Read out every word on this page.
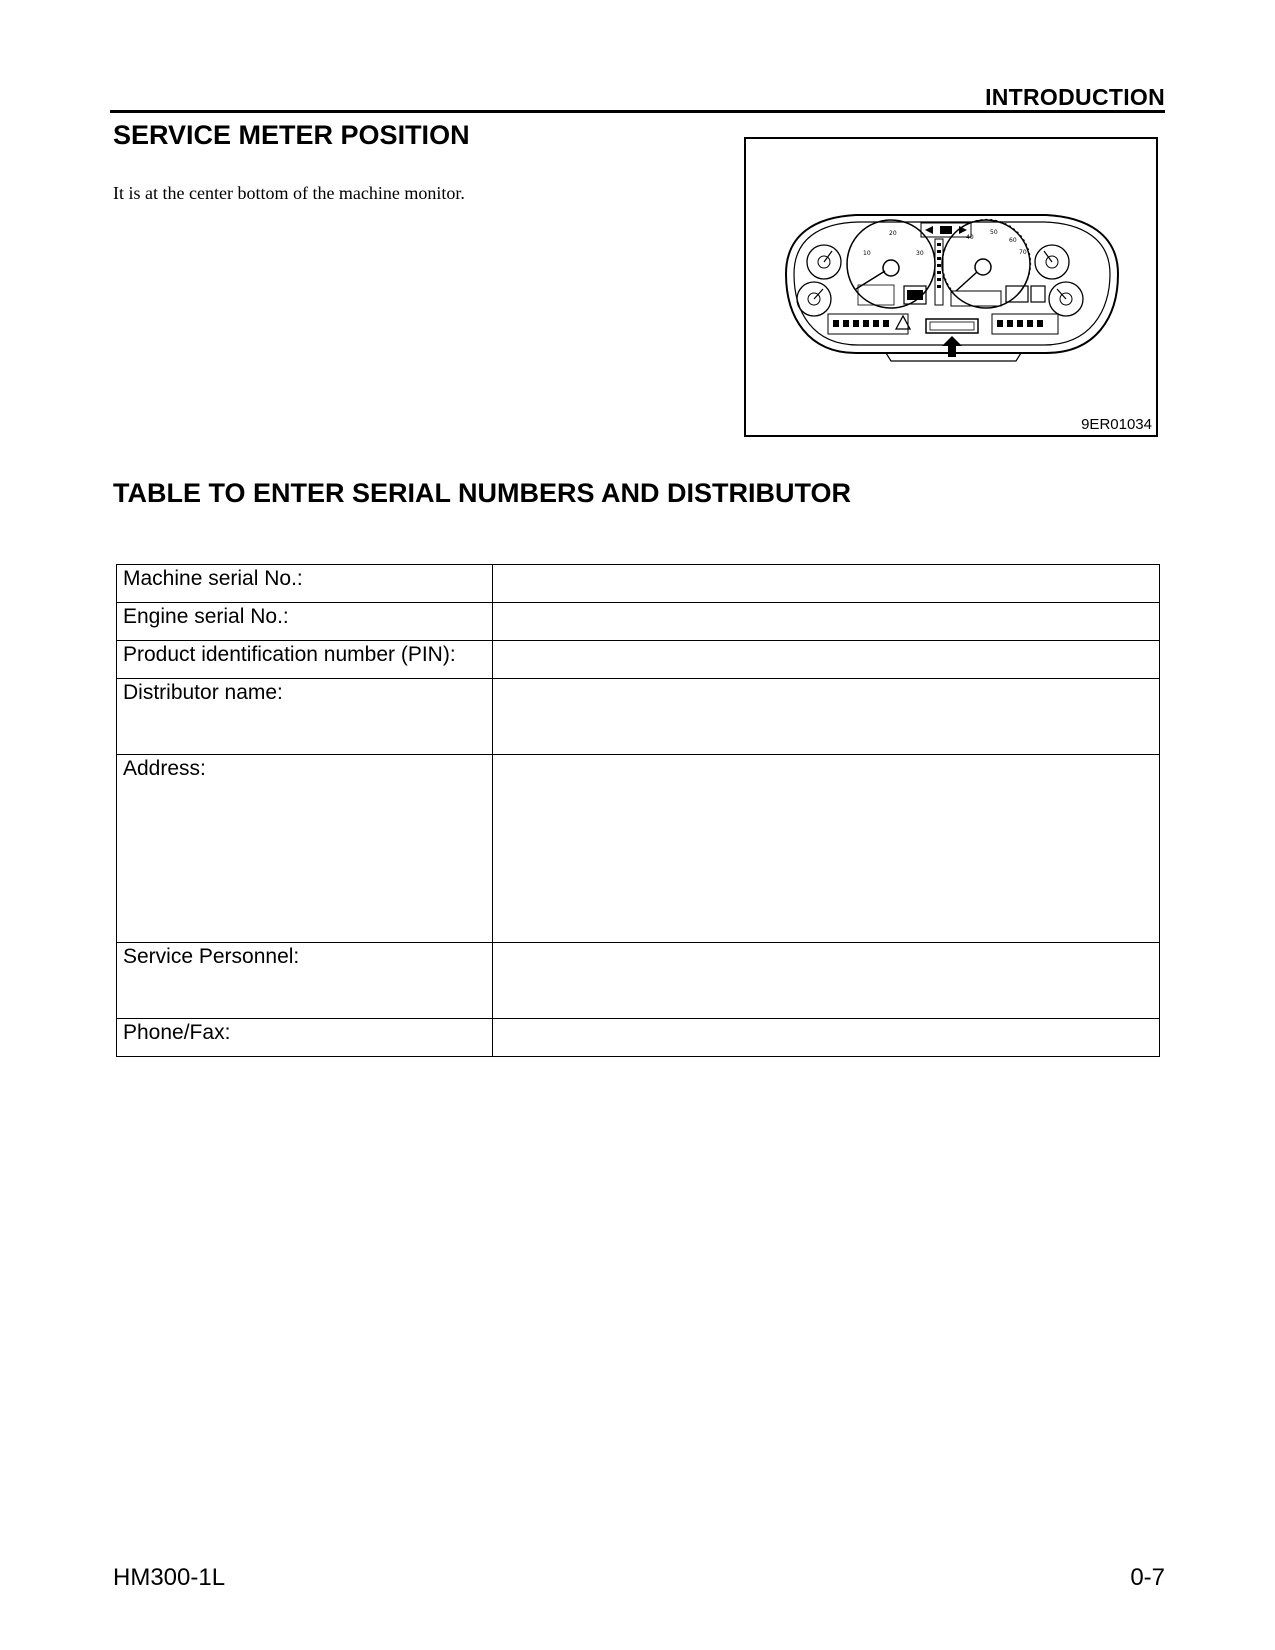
INTRODUCTION
SERVICE METER POSITION
It is at the center bottom of the machine monitor.
10
20
30
40
50
60
70
9ER01034
TABLE TO ENTER SERIAL NUMBERS AND DISTRIBUTOR
Machine serial No.:	
Engine serial No.:	
Product identification number (PIN):	
Distributor name:	
Address:	
Service Personnel:	
Phone/Fax:	
HM300-1L	0-7
